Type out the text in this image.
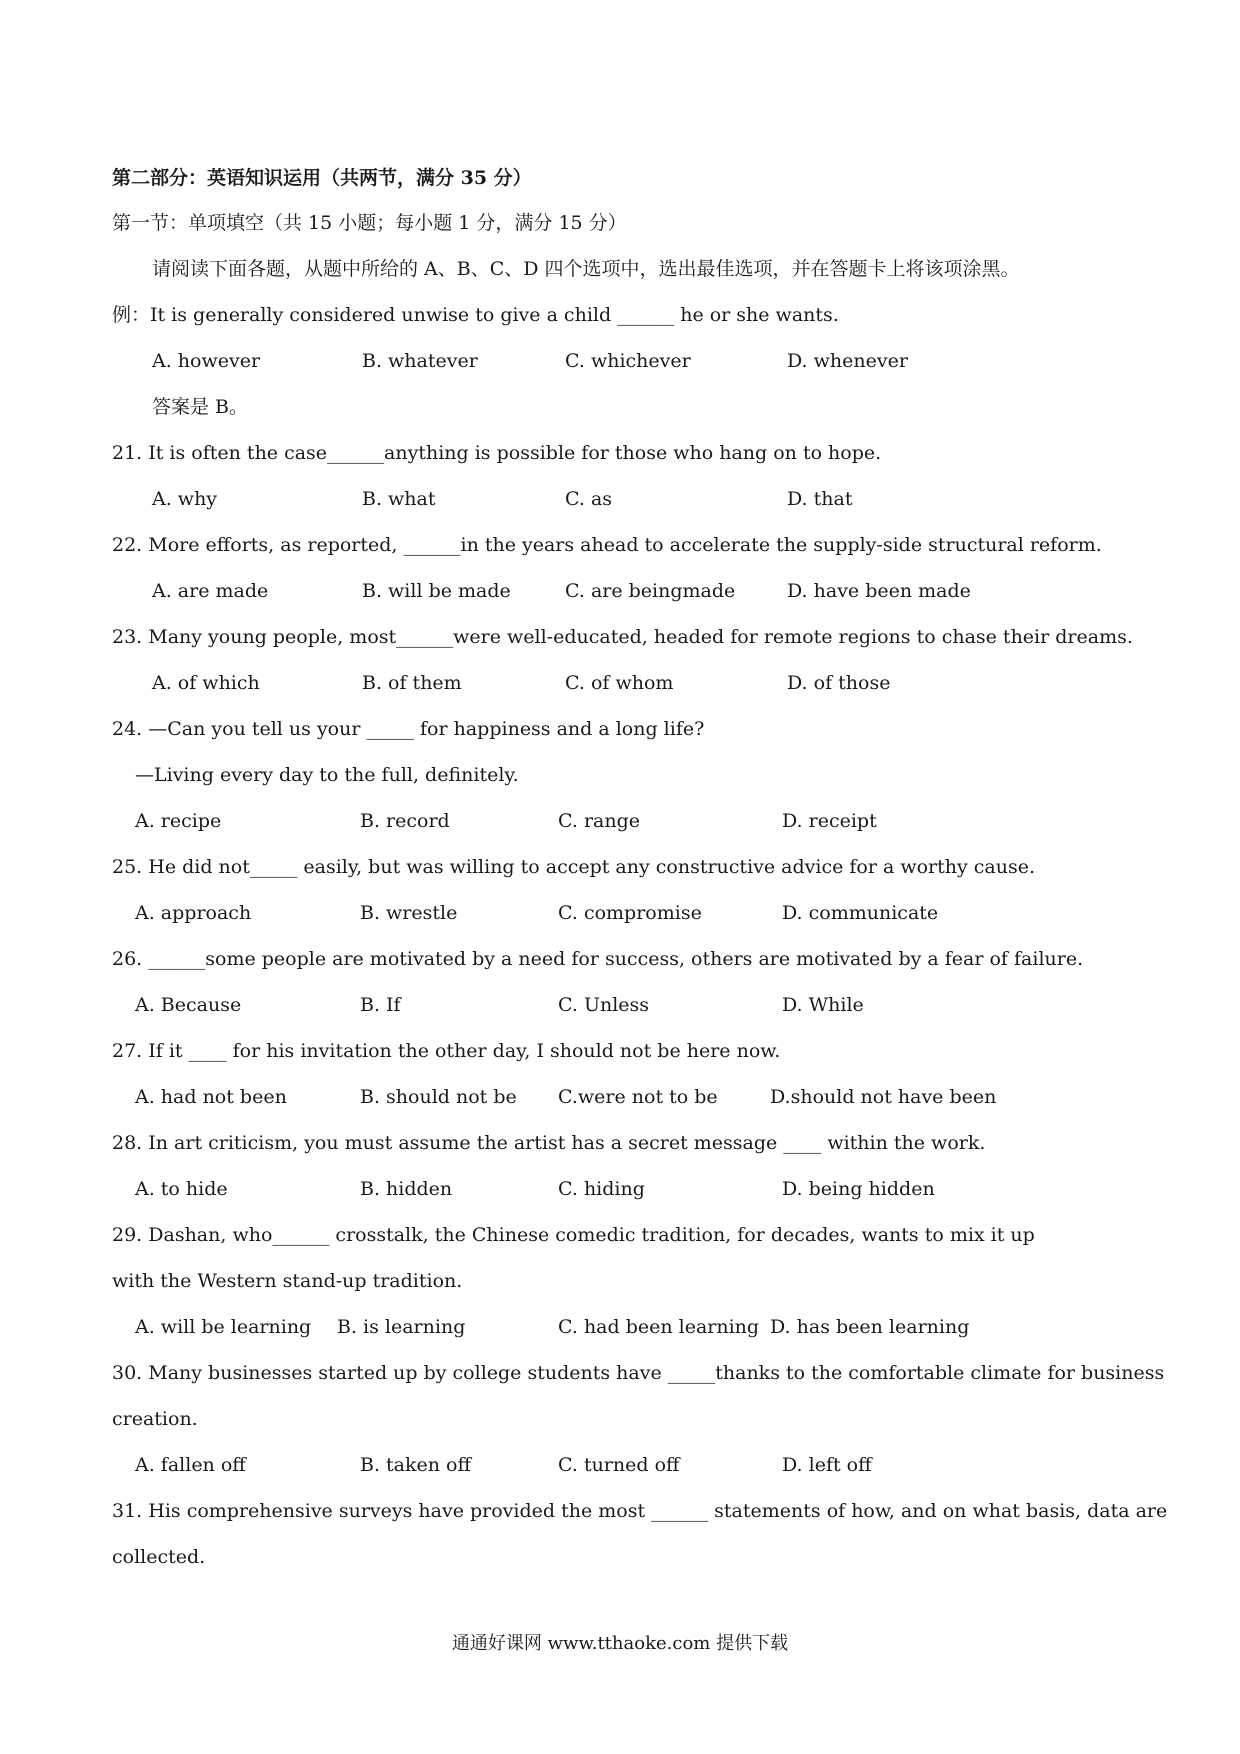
第二部分：英语知识运用（共两节，满分 35 分）
第一节：单项填空（共 15 小题；每小题 1 分，满分 15 分）
请阅读下面各题，从题中所给的 A、B、C、D 四个选项中，选出最佳选项，并在答题卡上将该项涂黑。
例：It is generally considered unwise to give a child ______ he or she wants.
A. however	B. whatever	C. whichever	D. whenever
答案是 B。
21. It is often the case______anything is possible for those who hang on to hope.
A. why	B. what	C. as	D. that
22. More efforts, as reported, ______in the years ahead to accelerate the supply-side structural reform.
A. are made	B. will be made	C. are beingmade	D. have been made
23. Many young people, most______were well-educated, headed for remote regions to chase their dreams.
A. of which	B. of them	C. of whom	D. of those
24. —Can you tell us your _____ for happiness and a long life?
—Living every day to the full, definitely.
A. recipe	B. record	C. range	D. receipt
25. He did not_____ easily, but was willing to accept any constructive advice for a worthy cause.
A. approach	B. wrestle	C. compromise	D. communicate
26. ______some people are motivated by a need for success, others are motivated by a fear of failure.
A. Because	B. If	C. Unless	D. While
27. If it ____ for his invitation the other day, I should not be here now.
A. had not been	B. should not be C.were not to be	D.should not have been
28. In art criticism, you must assume the artist has a secret message ____ within the work.
A. to hide	B. hidden	C. hiding	D. being hidden
29. Dashan, who______ crosstalk, the Chinese comedic tradition, for decades, wants to mix it up
with the Western stand-up tradition.
A. will be learning B. is learning	C. had been learning D. has been learning
30. Many businesses started up by college students have _____thanks to the comfortable climate for business
creation.
A. fallen off	B. taken off	C. turned off	D. left off
31. His comprehensive surveys have provided the most ______ statements of how, and on what basis, data are
collected.
通通好课网 www.tthaoke.com 提供下载
